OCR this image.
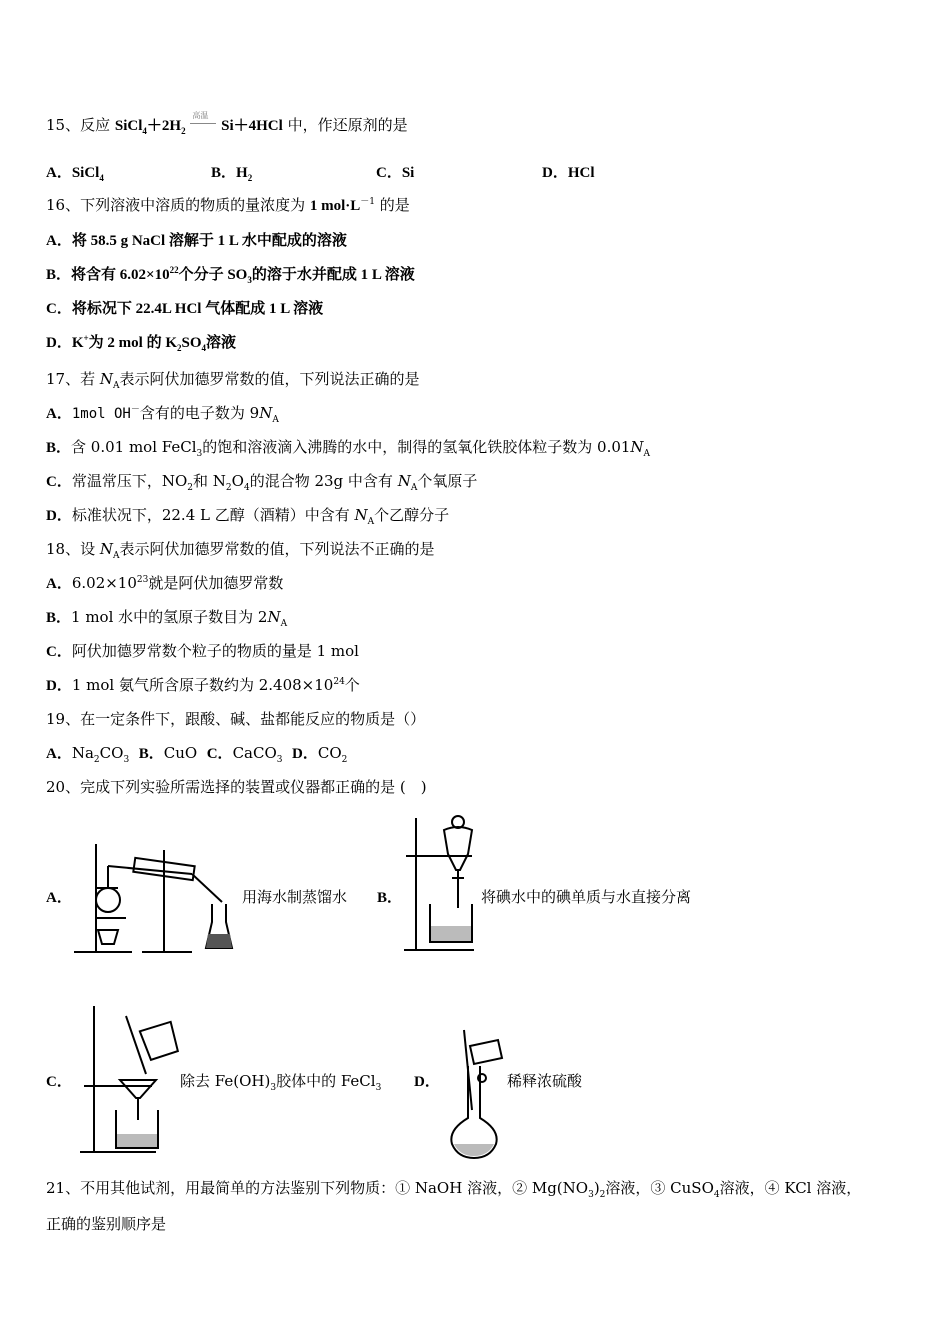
15、反应 $SiCl_4+2H_2$
高温
Si＋4HCl 中，作还原剂的是
A．SiCl$_4$	B．$H_2$	C．Si	D．HCl
16、下列溶液中溶质的物质的量浓度为 1 $mol\cdot L^{-1}$ 的是
A．将 58.5 g NaCl 溶解于 1 L 水中配成的溶液
B．将含有 $6.02\times 10^{22}$个分子 $SO_3$的溶于水并配成 1 L 溶液
C．将标况下 22.4L HCl 气体配成 1 L 溶液
D．K+为 2 mol 的 $K_2SO_4$溶液
17、若 $N_A$表示阿伏加德罗常数的值，下列说法正确的是
A．1mol OH－含有的电子数为 $9N_A$
B．含 0.01 mol FeCl$_3$的饱和溶液滴入沸腾的水中，制得的氢氧化铁胶体粒子数为 $0.01N_A$
C．常温常压下，$NO_2$和 $N_2O_4$的混合物 23g 中含有 $N_A$个氧原子
D．标准状况下，22.4 L 乙醇（酒精）中含有 $N_A$个乙醇分子
18、设 $N_A$表示阿伏加德罗常数的值，下列说法不正确的是
A．$6.02\times 10^{23}$就是阿伏加德罗常数
B．1 mol 水中的氢原子数目为 $2N_A$
C．阿伏加德罗常数个粒子的物质的量是 1 mol
D．1 mol 氨气所含原子数约为 $2.408\times 10^{24}$个
19、在一定条件下，跟酸、碱、盐都能反应的物质是（）
A．$Na_2CO_3$ B．CuO C．CaCO$_3$ D．$CO_2$
20、完成下列实验所需选择的装置或仪器都正确的是 (　)
A．	用海水制蒸馏水 B．	将碘水中的碘单质与水直接分离
C．	除去 $Fe(OH)_3$胶体中的 FeCl$_3$ D．	稀释浓硫酸
21、不用其他试剂，用最简单的方法鉴别下列物质：① NaOH 溶液，② $Mg(NO_3)_2$溶液，③ CuSO$_4$溶液，④ KCl 溶液，
正确的鉴别顺序是
